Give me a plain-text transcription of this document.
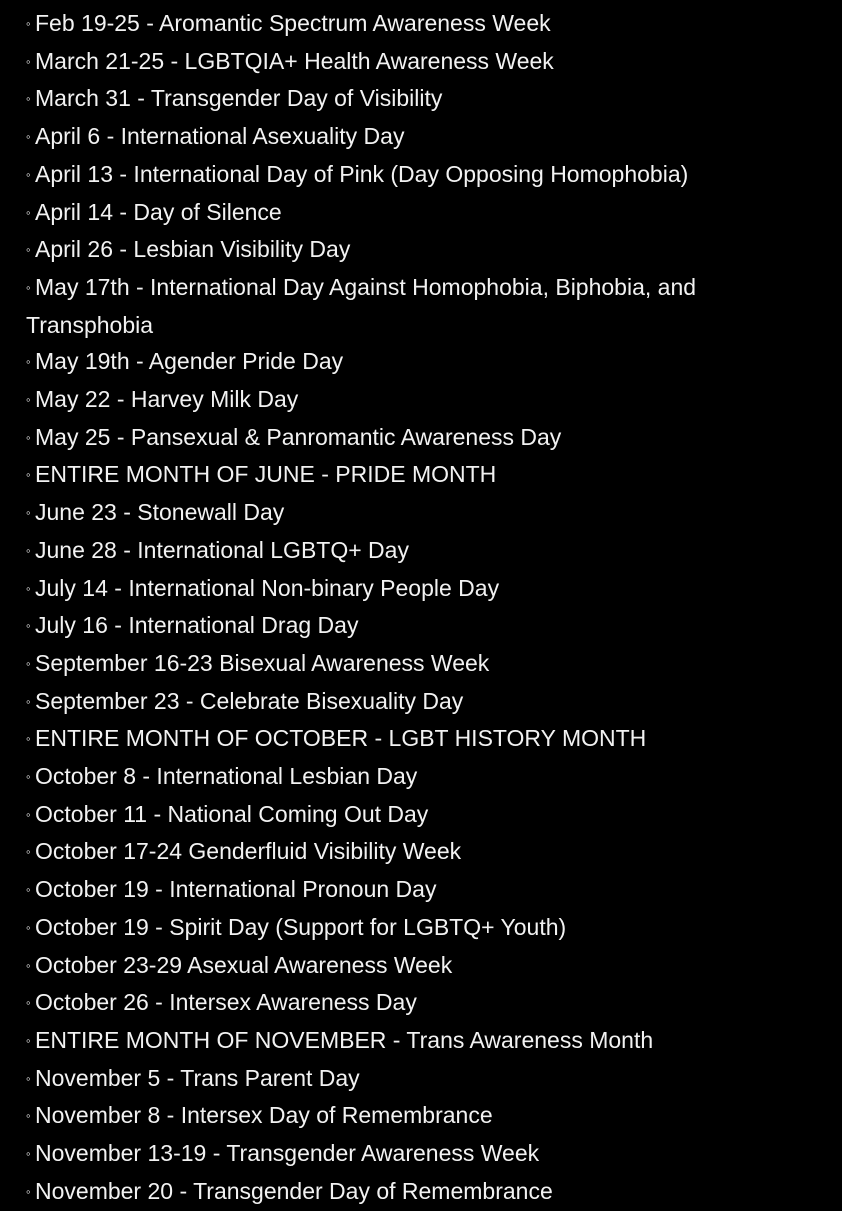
◦ Feb 19-25 - Aromantic Spectrum Awareness Week
◦ March 21-25 - LGBTQIA+ Health Awareness Week
◦ March 31 - Transgender Day of Visibility
◦ April 6 - International Asexuality Day
◦ April 13 - International Day of Pink (Day Opposing Homophobia)
◦ April 14 - Day of Silence
◦ April 26 - Lesbian Visibility Day
◦ May 17th - International Day Against Homophobia, Biphobia, and Transphobia
◦ May 19th - Agender Pride Day
◦ May 22 - Harvey Milk Day
◦ May 25 - Pansexual & Panromantic Awareness Day
◦ ENTIRE MONTH OF JUNE - PRIDE MONTH
◦ June 23 - Stonewall Day
◦ June 28 - International LGBTQ+ Day
◦ July 14 - International Non-binary People Day
◦ July 16 - International Drag Day
◦ September 16-23 Bisexual Awareness Week
◦ September 23 - Celebrate Bisexuality Day
◦ ENTIRE MONTH OF OCTOBER - LGBT HISTORY MONTH
◦ October 8 - International Lesbian Day
◦ October 11 - National Coming Out Day
◦ October 17-24 Genderfluid Visibility Week
◦ October 19 - International Pronoun Day
◦ October 19 - Spirit Day (Support for LGBTQ+ Youth)
◦ October 23-29 Asexual Awareness Week
◦ October 26 - Intersex Awareness Day
◦ ENTIRE MONTH OF NOVEMBER - Trans Awareness Month
◦ November 5 - Trans Parent Day
◦ November 8 - Intersex Day of Remembrance
◦ November 13-19 - Transgender Awareness Week
◦ November 20 - Transgender Day of Remembrance
